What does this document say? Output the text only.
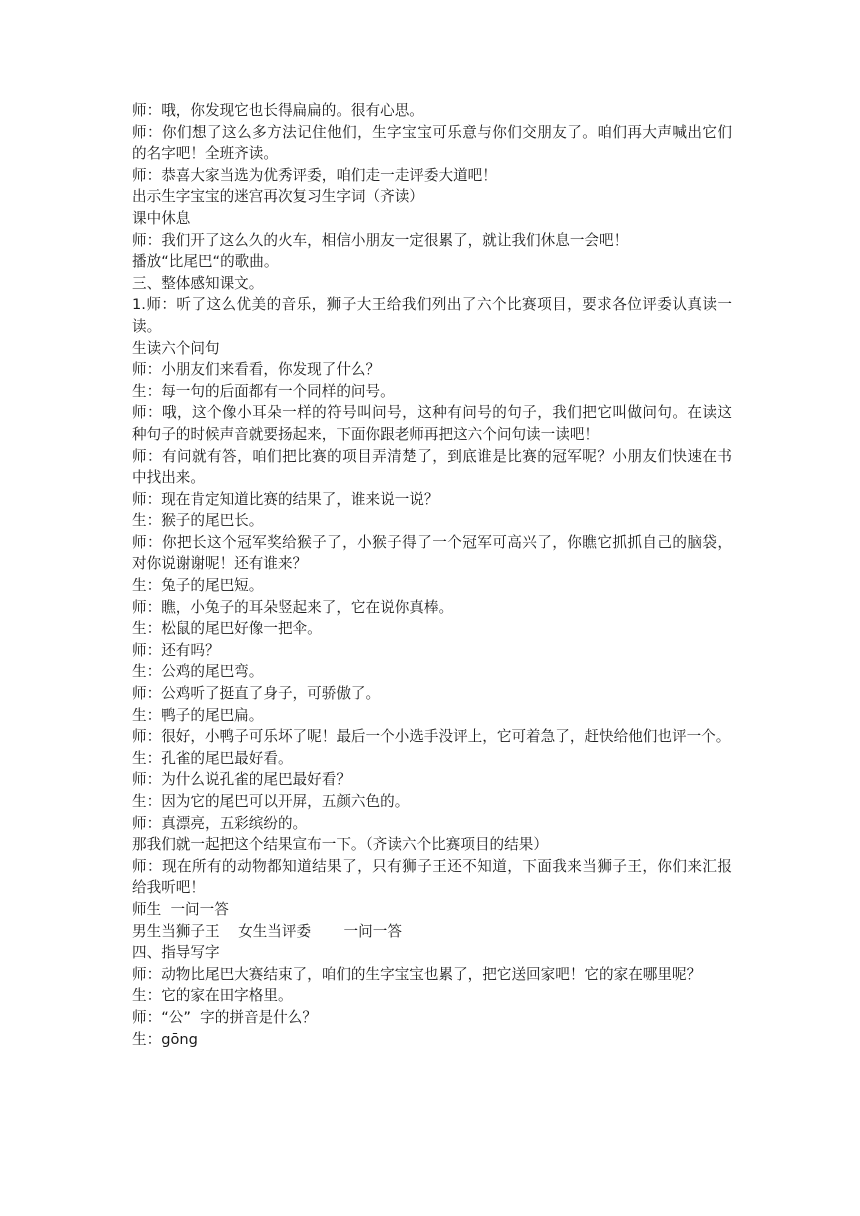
师：哦，你发现它也长得扁扁的。很有心思。
师：你们想了这么多方法记住他们，生字宝宝可乐意与你们交朋友了。咱们再大声喊出它们
的名字吧！全班齐读。
师：恭喜大家当选为优秀评委，咱们走一走评委大道吧！
出示生字宝宝的迷宫再次复习生字词（齐读）
课中休息
师：我们开了这么久的火车，相信小朋友一定很累了，就让我们休息一会吧！
播放“比尾巴“的歌曲。
三、整体感知课文。
1.师：听了这么优美的音乐，狮子大王给我们列出了六个比赛项目，要求各位评委认真读一
读。
生读六个问句
师：小朋友们来看看，你发现了什么？
生：每一句的后面都有一个同样的问号。
师：哦，这个像小耳朵一样的符号叫问号，这种有问号的句子，我们把它叫做问句。在读这
种句子的时候声音就要扬起来，下面你跟老师再把这六个问句读一读吧！
师：有问就有答，咱们把比赛的项目弄清楚了，到底谁是比赛的冠军呢？小朋友们快速在书
中找出来。
师：现在肯定知道比赛的结果了，谁来说一说？
生：猴子的尾巴长。
师：你把长这个冠军奖给猴子了，小猴子得了一个冠军可高兴了，你瞧它抓抓自己的脑袋，
对你说谢谢呢！还有谁来？
生：兔子的尾巴短。
师：瞧，小兔子的耳朵竖起来了，它在说你真棒。
生：松鼠的尾巴好像一把伞。
师：还有吗？
生：公鸡的尾巴弯。
师：公鸡听了挺直了身子，可骄傲了。
生：鸭子的尾巴扁。
师：很好，小鸭子可乐坏了呢！最后一个小选手没评上，它可着急了，赶快给他们也评一个。
生：孔雀的尾巴最好看。
师：为什么说孔雀的尾巴最好看？
生：因为它的尾巴可以开屏，五颜六色的。
师：真漂亮，五彩缤纷的。
那我们就一起把这个结果宣布一下。（齐读六个比赛项目的结果）
师：现在所有的动物都知道结果了，只有狮子王还不知道，下面我来当狮子王，你们来汇报
给我听吧！
师生  一问一答
男生当狮子王    女生当评委       一问一答
四、指导写字
师：动物比尾巴大赛结束了，咱们的生字宝宝也累了，把它送回家吧！它的家在哪里呢？
生：它的家在田字格里。
师：“公”  字的拼音是什么？
生：gōng
